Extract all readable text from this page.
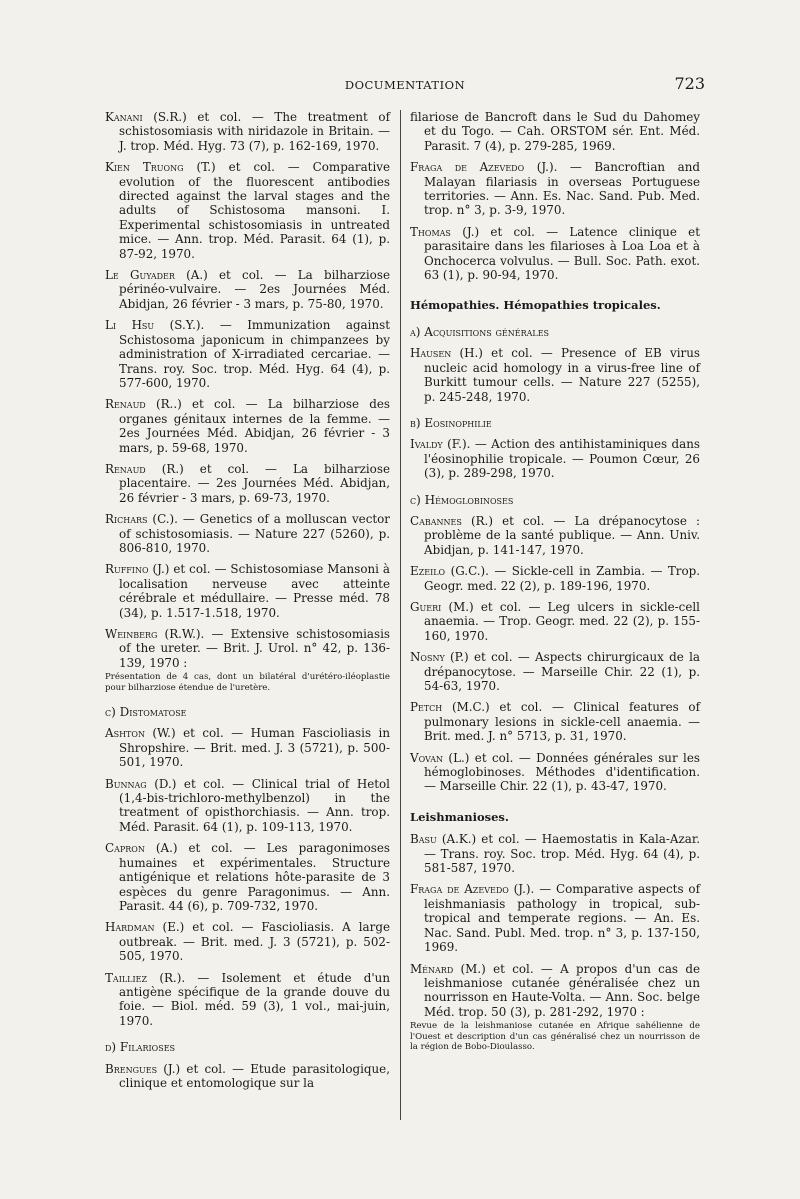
DOCUMENTATION	723

Kanani (S.R.) et col. — The treatment of schistosomiasis with niridazole in Britain. — J. trop. Méd. Hyg. 73 (7), p. 162-169, 1970.

Kien Truong (T.) et col. — Comparative evolution of the fluorescent antibodies directed against the larval stages and the adults of Schistosoma mansoni. I. Experimental schistosomiasis in untreated mice. — Ann. trop. Méd. Parasit. 64 (1), p. 87-92, 1970.

Le Guyader (A.) et col. — La bilharziose périnéo-vulvaire. — 2es Journées Méd. Abidjan, 26 février - 3 mars, p. 75-80, 1970.

Li Hsu (S.Y.). — Immunization against Schistosoma japonicum in chimpanzees by administration of X-irradiated cercariae. — Trans. roy. Soc. trop. Méd. Hyg. 64 (4), p. 577-600, 1970.

Renaud (R..) et col. — La bilharziose des organes génitaux internes de la femme. — 2es Journées Méd. Abidjan, 26 février - 3 mars, p. 59-68, 1970.

Renaud (R.) et col. — La bilharziose placentaire. — 2es Journées Méd. Abidjan, 26 février - 3 mars, p. 69-73, 1970.

Richars (C.). — Genetics of a molluscan vector of schistosomiasis. — Nature 227 (5260), p. 806-810, 1970.

Ruffino (J.) et col. — Schistosomiase Mansoni à localisation nerveuse avec atteinte cérébrale et médullaire. — Presse méd. 78 (34), p. 1.517-1.518, 1970.

Weinberg (R.W.). — Extensive schistosomiasis of the ureter. — Brit. J. Urol. n° 42, p. 136-139, 1970 :

Présentation de 4 cas, dont un bilatéral d'urétéro-iléoplastie pour bilharziose étendue de l'uretère.
c) Distomatose

Ashton (W.) et col. — Human Fascioliasis in Shropshire. — Brit. med. J. 3 (5721), p. 500-501, 1970.

Bunnag (D.) et col. — Clinical trial of Hetol (1,4-bis-trichloro-methylbenzol) in the treatment of opisthorchiasis. — Ann. trop. Méd. Parasit. 64 (1), p. 109-113, 1970.

Capron (A.) et col. — Les paragonimoses humaines et expérimentales. Structure antigénique et relations hôte-parasite de 3 espèces du genre Paragonimus. — Ann. Parasit. 44 (6), p. 709-732, 1970.

Hardman (E.) et col. — Fascioliasis. A large outbreak. — Brit. med. J. 3 (5721), p. 502-505, 1970.

Tailliez (R.). — Isolement et étude d'un antigène spécifique de la grande douve du foie. — Biol. méd. 59 (3), 1 vol., mai-juin, 1970.

d) Filarioses

Brengues (J.) et col. — Etude parasitologique, clinique et entomologique sur la

filariose de Bancroft dans le Sud du Dahomey et du Togo. — Cah. ORSTOM sér. Ent. Méd. Parasit. 7 (4), p. 279-285, 1969.

Fraga de Azevedo (J.). — Bancroftian and Malayan filariasis in overseas Portuguese territories. — Ann. Es. Nac. Sand. Pub. Med. trop. n° 3, p. 3-9, 1970.

Thomas (J.) et col. — Latence clinique et parasitaire dans les filarioses à Loa Loa et à Onchocerca volvulus. — Bull. Soc. Path. exot. 63 (1), p. 90-94, 1970.

Hémopathies. Hémopathies tropicales.
a) Acquisitions générales

Hausen (H.) et col. — Presence of EB virus nucleic acid homology in a virus-free line of Burkitt tumour cells. — Nature 227 (5255), p. 245-248, 1970.

b) Eosinophilie

Ivaldy (F.). — Action des antihistaminiques dans l'éosinophilie tropicale. — Poumon Cœur, 26 (3), p. 289-298, 1970.

c) Hémoglobinoses

Cabannes (R.) et col. — La drépanocytose : problème de la santé publique. — Ann. Univ. Abidjan, p. 141-147, 1970.

Ezeilo (G.C.). — Sickle-cell in Zambia. — Trop. Geogr. med. 22 (2), p. 189-196, 1970.

Gueri (M.) et col. — Leg ulcers in sickle-cell anaemia. — Trop. Geogr. med. 22 (2), p. 155-160, 1970.

Nosny (P.) et col. — Aspects chirurgicaux de la drépanocytose. — Marseille Chir. 22 (1), p. 54-63, 1970.

Petch (M.C.) et col. — Clinical features of pulmonary lesions in sickle-cell anaemia. — Brit. med. J. n° 5713, p. 31, 1970.

Vovan (L.) et col. — Données générales sur les hémoglobinoses. Méthodes d'identification. — Marseille Chir. 22 (1), p. 43-47, 1970.

Leishmanioses.

Basu (A.K.) et col. — Haemostatis in Kala-Azar. — Trans. roy. Soc. trop. Méd. Hyg. 64 (4), p. 581-587, 1970.

Fraga de Azevedo (J.). — Comparative aspects of leishmaniasis pathology in tropical, sub-tropical and temperate regions. — An. Es. Nac. Sand. Publ. Med. trop. n° 3, p. 137-150, 1969.

Ménard (M.) et col. — A propos d'un cas de leishmaniose cutanée généralisée chez un nourrisson en Haute-Volta. — Ann. Soc. belge Méd. trop. 50 (3), p. 281-292, 1970 :

Revue de la leishmaniose cutanée en Afrique sahélienne de l'Ouest et description d'un cas généralisé chez un nourrisson de la région de Bobo-Dioulasso.
